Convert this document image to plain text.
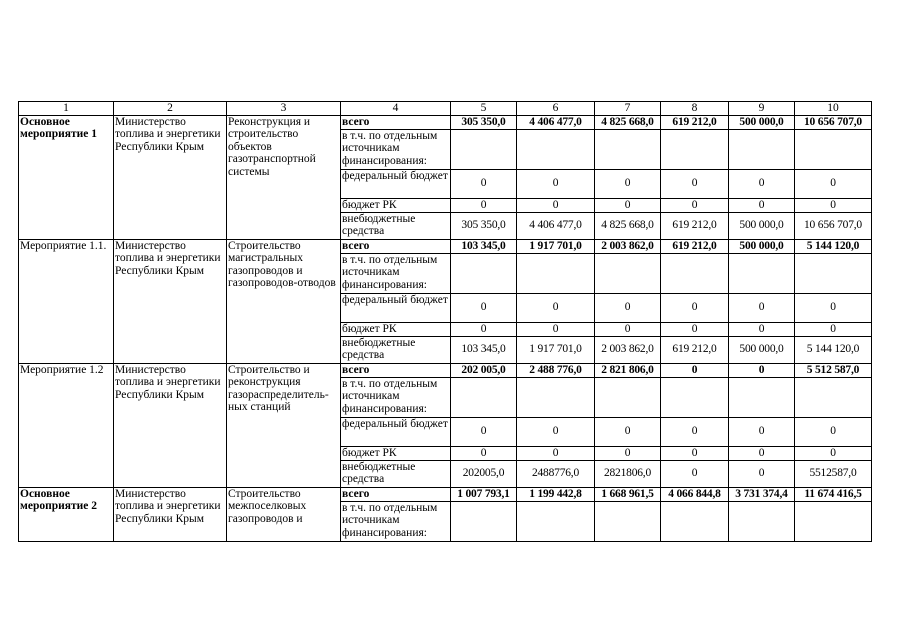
1	2	3	4	5	6	7	8	9	10
Основное мероприятие 1	Министерство топлива и энергетики Республики Крым	Реконструкция и строительство объектов газотранспортной системы	всего	305 350,0	4 406 477,0	4 825 668,0	619 212,0	500 000,0	10 656 707,0
			в т.ч. по отдельным источникам финансирования:						
			федеральный бюджет	0	0	0	0	0	0
			бюджет РК	0	0	0	0	0	0
			внебюджетные средства	305 350,0	4 406 477,0	4 825 668,0	619 212,0	500 000,0	10 656 707,0
Мероприятие 1.1.	Министерство топлива и энергетики Республики Крым	Строительство магистральных газопроводов и газопроводов-отводов	всего	103 345,0	1 917 701,0	2 003 862,0	619 212,0	500 000,0	5 144 120,0
			в т.ч. по отдельным источникам финансирования:						
			федеральный бюджет	0	0	0	0	0	0
			бюджет РК	0	0	0	0	0	0
			внебюджетные средства	103 345,0	1 917 701,0	2 003 862,0	619 212,0	500 000,0	5 144 120,0
Мероприятие 1.2	Министерство топлива и энергетики Республики Крым	Строительство и реконструкция газораспределитель-ных станций	всего	202 005,0	2 488 776,0	2 821 806,0	0	0	5 512 587,0
			в т.ч. по отдельным источникам финансирования:						
			федеральный бюджет	0	0	0	0	0	0
			бюджет РК	0	0	0	0	0	0
			внебюджетные средства	202005,0	2488776,0	2821806,0	0	0	5512587,0
Основное мероприятие 2	Министерство топлива и энергетики Республики Крым	Строительство межпоселковых газопроводов и	всего	1 007 793,1	1 199 442,8	1 668 961,5	4 066 844,8	3 731 374,4	11 674 416,5
			в т.ч. по отдельным источникам финансирования:						
